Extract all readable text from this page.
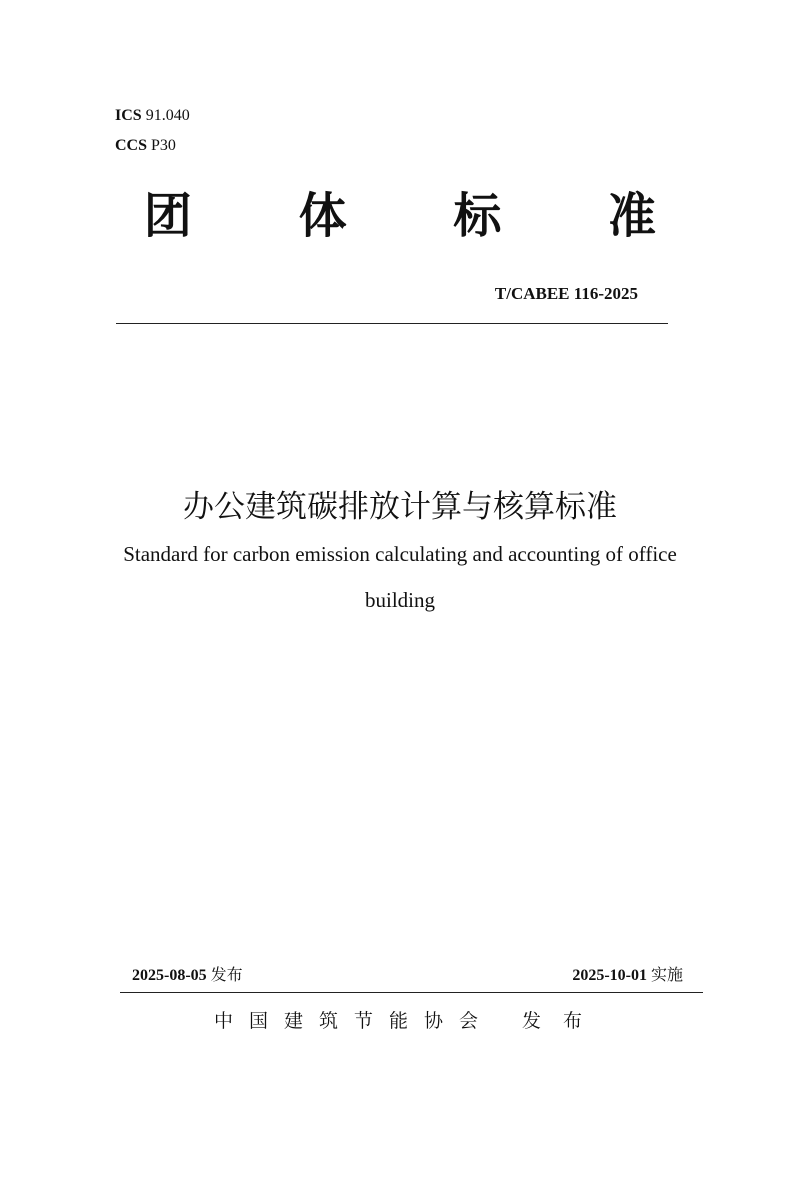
ICS 91.040
CCS P30
团 体 标 准
T/CABEE 116-2025
办公建筑碳排放计算与核算标准
Standard for carbon emission calculating and accounting of office
building
2025-08-05 发布	2025-10-01 实施
中国建筑节能协会 发布
